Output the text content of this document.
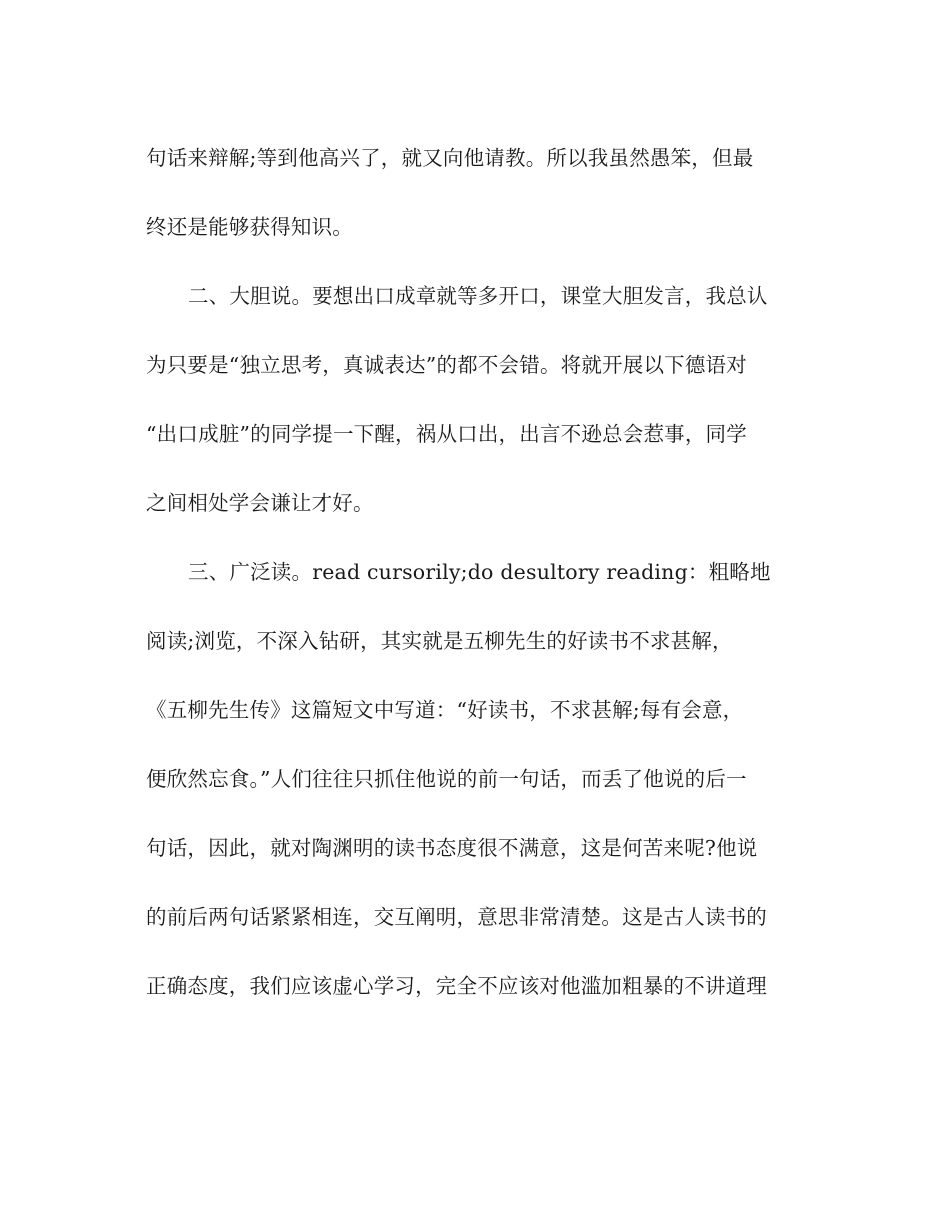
句话来辩解;等到他高兴了，就又向他请教。所以我虽然愚笨，但最
终还是能够获得知识。
二、大胆说。要想出口成章就等多开口，课堂大胆发言，我总认
为只要是“独立思考，真诚表达”的都不会错。将就开展以下德语对
“出口成脏”的同学提一下醒，祸从口出，出言不逊总会惹事，同学
之间相处学会谦让才好。
三、广泛读。read cursorily;do desultory reading：粗略地
阅读;浏览，不深入钻研，其实就是五柳先生的好读书不求甚解，
《五柳先生传》这篇短文中写道：“好读书，不求甚解;每有会意，
便欣然忘食。”人们往往只抓住他说的前一句话，而丢了他说的后一
句话，因此，就对陶渊明的读书态度很不满意，这是何苦来呢?他说
的前后两句话紧紧相连，交互阐明，意思非常清楚。这是古人读书的
正确态度，我们应该虚心学习，完全不应该对他滥加粗暴的不讲道理
